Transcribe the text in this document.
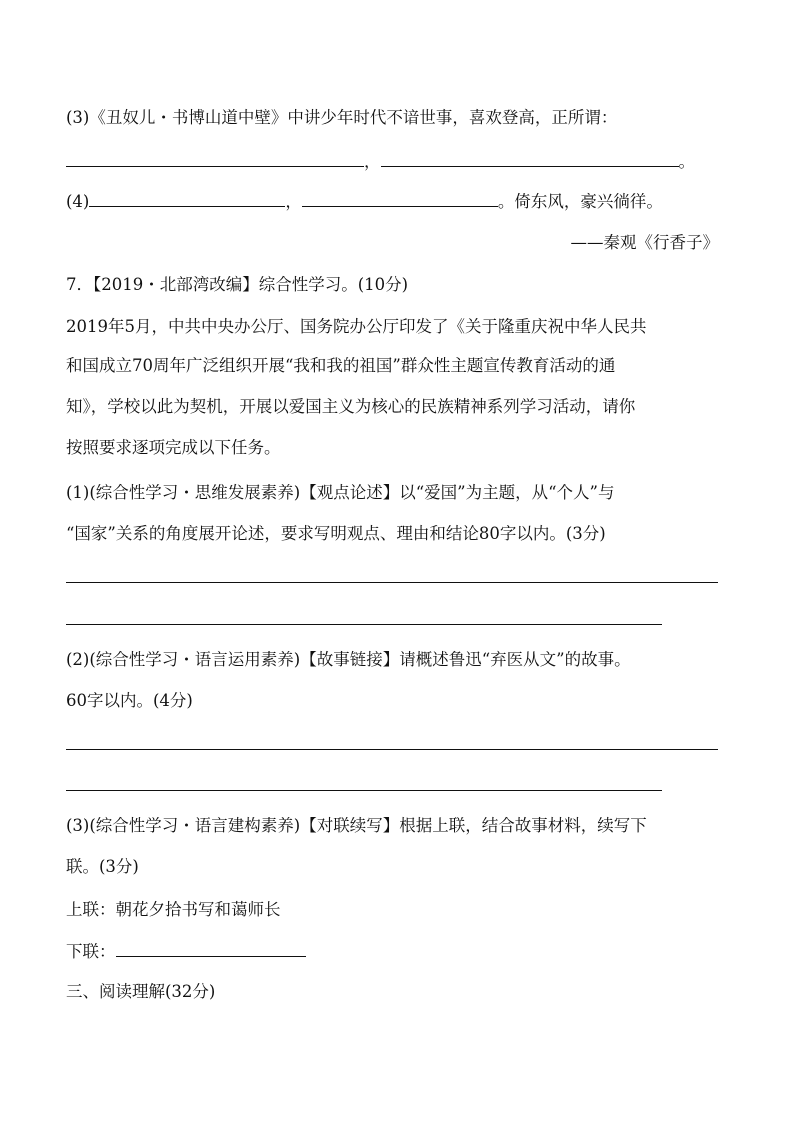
(3)《丑奴儿・书博山道中壁》中讲少年时代不谙世事，喜欢登高，正所谓：
，	。
(4)	，	。倚东风，豪兴徜徉。
——秦观《行香子》
7．【2019・北部湾改编】综合性学习。(10分)
2019年5月，中共中央办公厅、国务院办公厅印发了《关于隆重庆祝中华人民共
和国成立70周年广泛组织开展“我和我的祖国”群众性主题宣传教育活动的通
知》，学校以此为契机，开展以爱国主义为核心的民族精神系列学习活动，请你
按照要求逐项完成以下任务。
(1)(综合性学习・思维发展素养)【观点论述】以“爱国”为主题，从“个人”与
“国家”关系的角度展开论述，要求写明观点、理由和结论80字以内。(3分)
(2)(综合性学习・语言运用素养)【故事链接】请概述鲁迅“弃医从文”的故事。
60字以内。(4分)
(3)(综合性学习・语言建构素养)【对联续写】根据上联，结合故事材料，续写下
联。(3分)
上联：朝花夕拾书写和蔼师长
下联：
三、阅读理解(32分)
